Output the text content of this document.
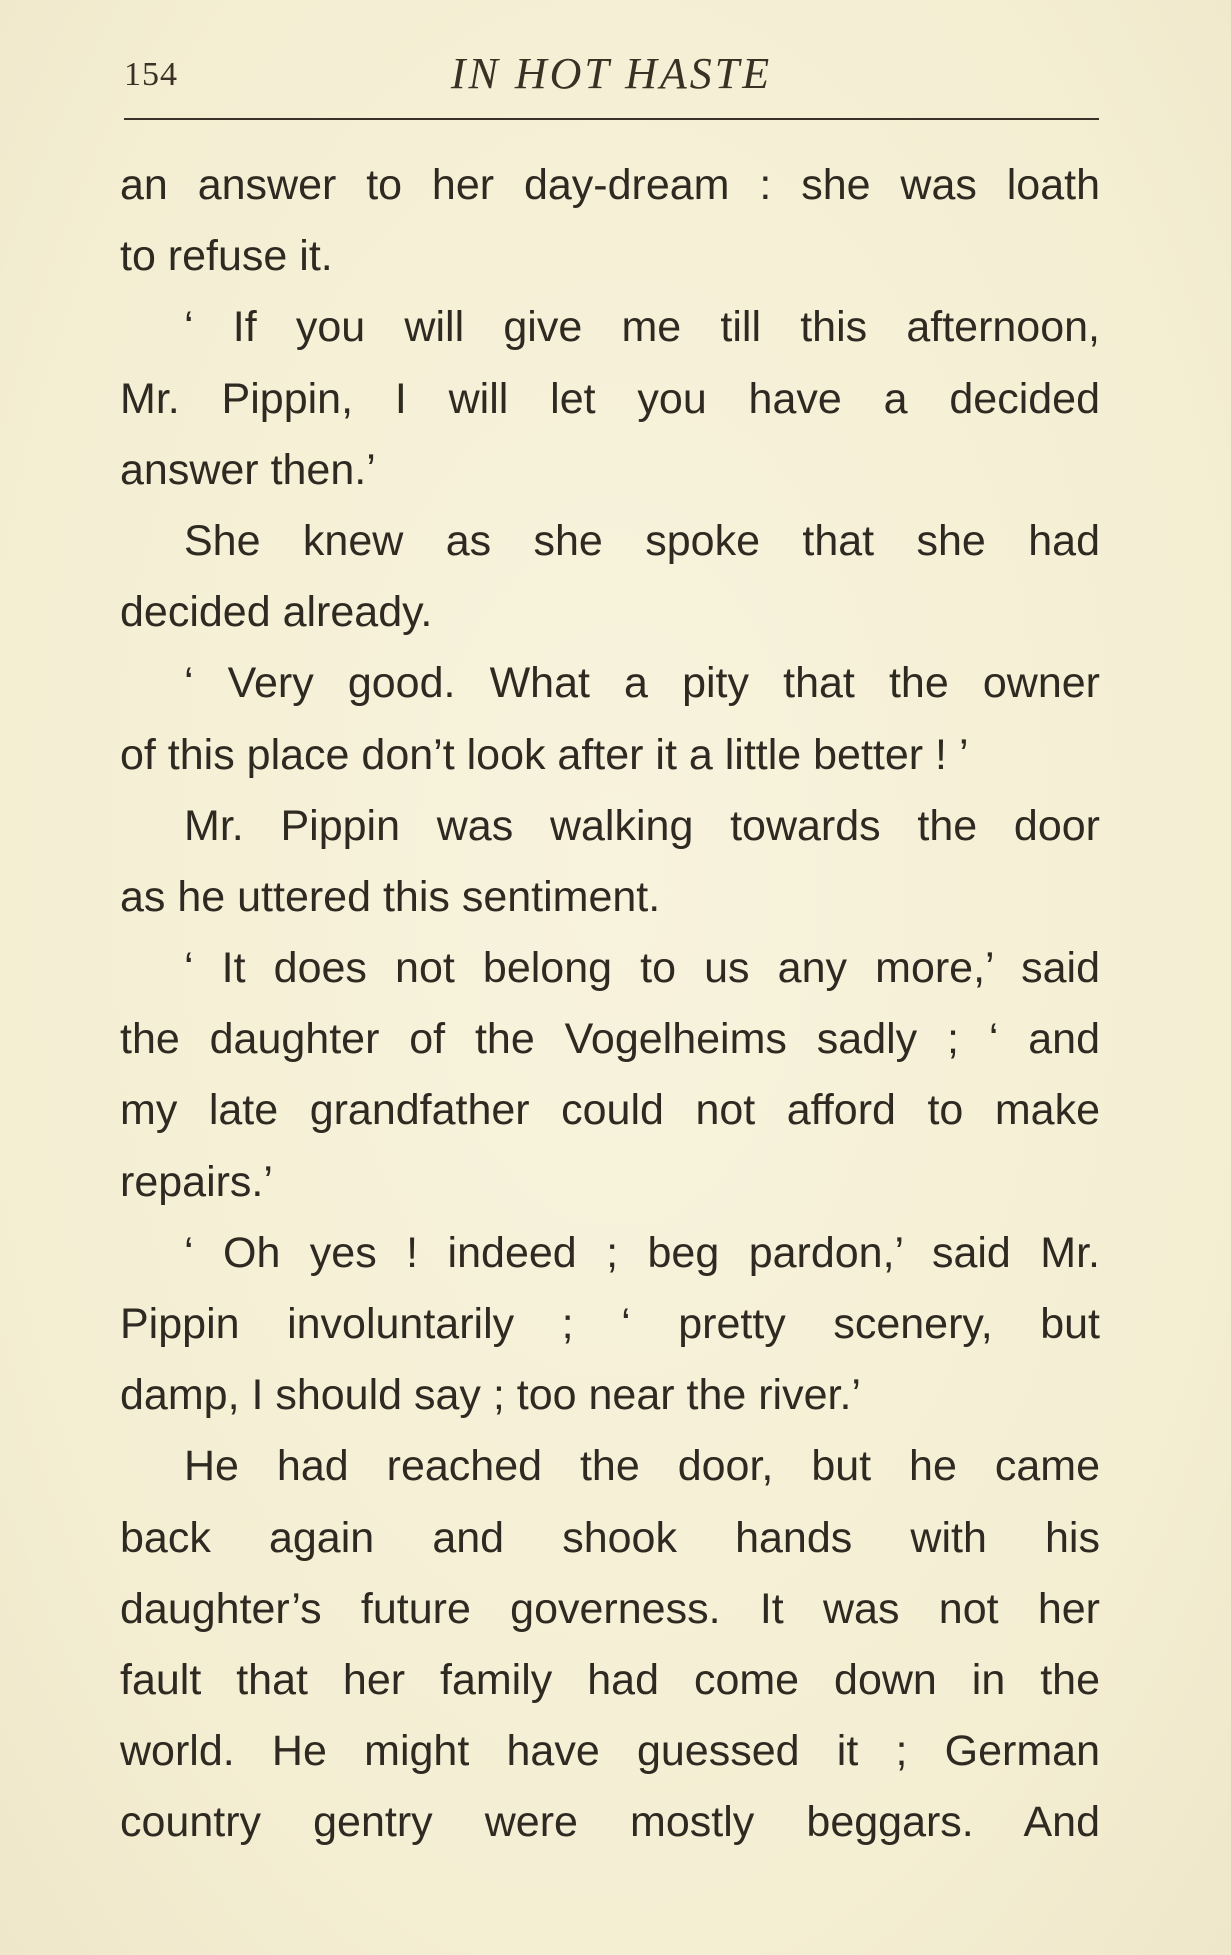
154	IN HOT HASTE
an answer to her day-dream : she was loath
to refuse it.
‘ If you will give me till this afternoon,
Mr. Pippin, I will let you have a decided
answer then.’
She knew as she spoke that she had
decided already.
‘ Very good. What a pity that the owner
of this place don’t look after it a little better ! ’
Mr. Pippin was walking towards the door
as he uttered this sentiment.
‘ It does not belong to us any more,’ said
the daughter of the Vogelheims sadly ; ‘ and
my late grandfather could not afford to make
repairs.’
‘ Oh yes ! indeed ; beg pardon,’ said Mr.
Pippin involuntarily ; ‘ pretty scenery, but
damp, I should say ; too near the river.’
He had reached the door, but he came
back again and shook hands with his
daughter’s future governess. It was not her
fault that her family had come down in the
world. He might have guessed it ; German
country gentry were mostly beggars. And
